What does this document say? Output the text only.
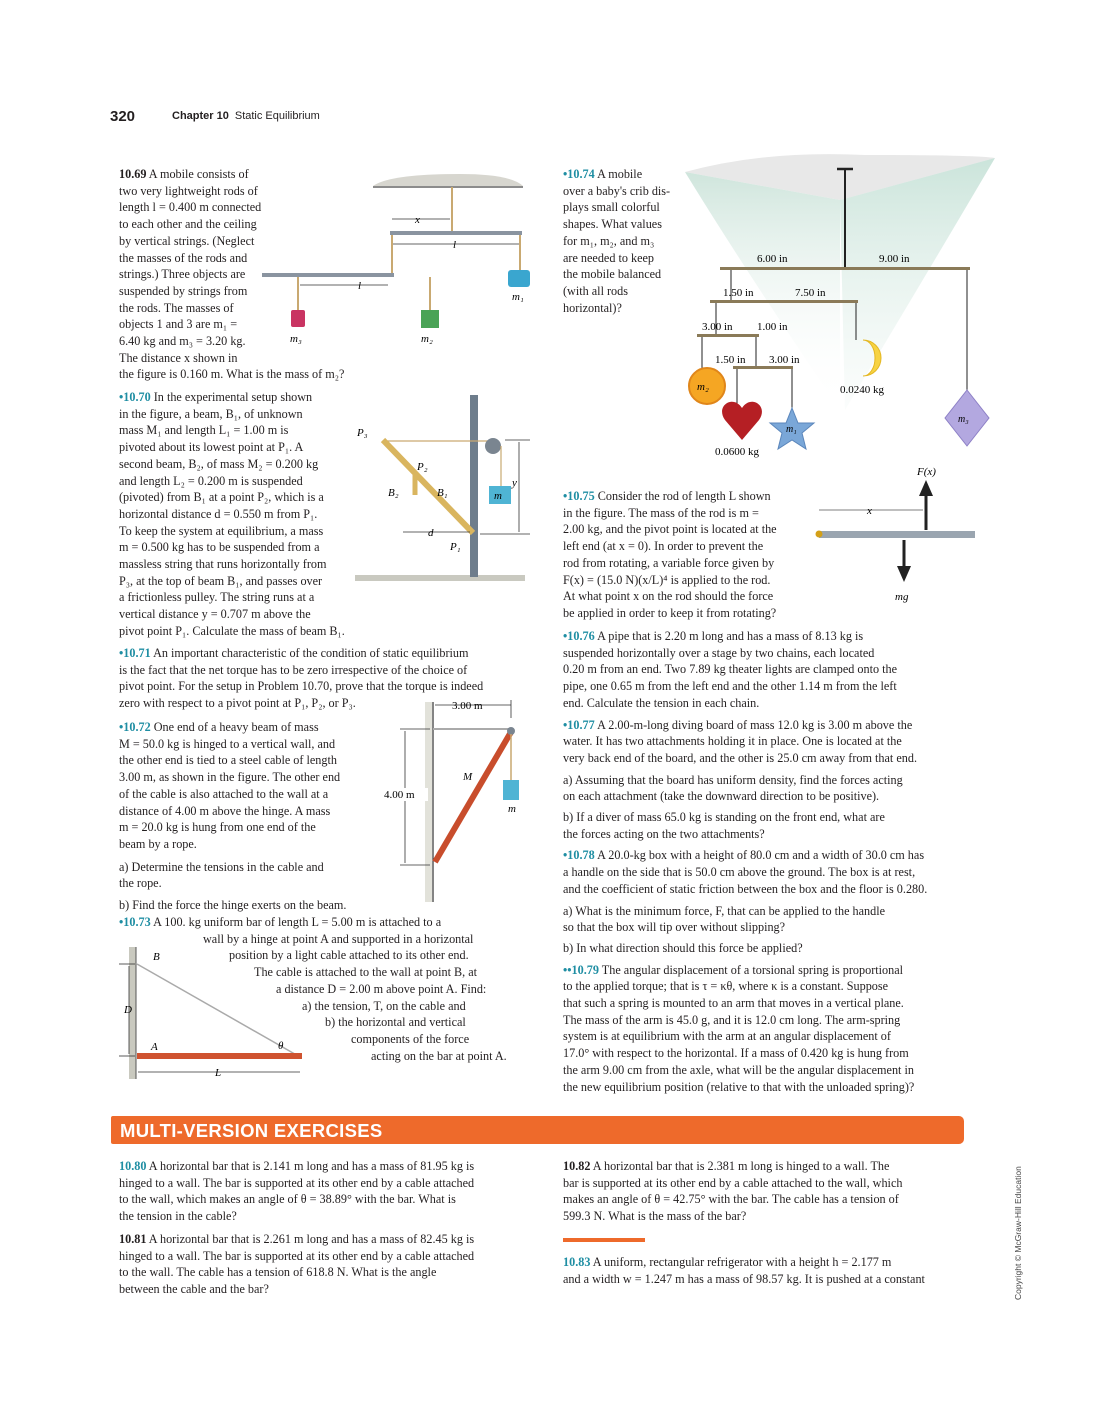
320	Chapter 10 Static Equilibrium
10.69 A mobile consists of
two very lightweight rods of
length l = 0.400 m connected
to each other and the ceiling
by vertical strings. (Neglect
the masses of the rods and
strings.) Three objects are
suspended by strings from
the rods. The masses of
objects 1 and 3 are m₁ =
6.40 kg and m₃ = 3.20 kg.
The distance x shown in
the figure is 0.160 m. What is the mass of m₂?
x
l
m₁
l
m₃	m₂
•10.70 In the experimental setup shown
in the figure, a beam, B₁, of unknown
mass M₁ and length L₁ = 1.00 m is
pivoted about its lowest point at P₁. A
second beam, B₂, of mass M₂ = 0.200 kg
and length L₂ = 0.200 m is suspended
(pivoted) from B₁ at a point P₂, which is a
horizontal distance d = 0.550 m from P₁.
To keep the system at equilibrium, a mass
m = 0.500 kg has to be suspended from a
massless string that runs horizontally from
P₃, at the top of beam B₁, and passes over
a frictionless pulley. The string runs at a
vertical distance y = 0.707 m above the
pivot point P₁. Calculate the mass of beam B₁.
m
P₃
P₂
B₂	B₁
d
P₁
y
•10.71 An important characteristic of the condition of static equilibrium
is the fact that the net torque has to be zero irrespective of the choice of
pivot point. For the setup in Problem 10.70, prove that the torque is indeed
zero with respect to a pivot point at P₁, P₂, or P₃.
•10.72 One end of a heavy beam of mass
M = 50.0 kg is hinged to a vertical wall, and
the other end is tied to a steel cable of length
3.00 m, as shown in the figure. The other end
of the cable is also attached to the wall at a
distance of 4.00 m above the hinge. A mass
m = 20.0 kg is hung from one end of the
beam by a rope.
a) Determine the tensions in the cable and
the rope.
b) Find the force the hinge exerts on the beam.
3.00 m
m
M
4.00 m
•10.73 A 100. kg uniform bar of length L = 5.00 m is attached to a
wall by a hinge at point A and supported in a horizontal
position by a light cable attached to its other end.
The cable is attached to the wall at point B, at
a distance D = 2.00 m above point A. Find:
a) the tension, T, on the cable and
b) the horizontal and vertical
components of the force
acting on the bar at point A.
B
A	θ
D
L
•10.74 A mobile
over a baby's crib dis-
plays small colorful
shapes. What values
for m₁, m₂, and m₃
are needed to keep
the mobile balanced
(with all rods
horizontal)?
6.00 in	9.00 in
1.50 in	7.50 in
3.00 in 1.00 in
1.50 in 3.00 in
m₂
0.0600 kg
m₁
0.0240 kg
m₃
•10.75 Consider the rod of length L shown
in the figure. The mass of the rod is m =
2.00 kg, and the pivot point is located at the
left end (at x = 0). In order to prevent the
rod from rotating, a variable force given by
F(x) = (15.0 N)(x/L)⁴ is applied to the rod.
At what point x on the rod should the force
be applied in order to keep it from rotating?
F(x)
x
mg
•10.76 A pipe that is 2.20 m long and has a mass of 8.13 kg is
suspended horizontally over a stage by two chains, each located
0.20 m from an end. Two 7.89 kg theater lights are clamped onto the
pipe, one 0.65 m from the left end and the other 1.14 m from the left
end. Calculate the tension in each chain.
•10.77 A 2.00-m-long diving board of mass 12.0 kg is 3.00 m above the
water. It has two attachments holding it in place. One is located at the
very back end of the board, and the other is 25.0 cm away from that end.
a) Assuming that the board has uniform density, find the forces acting
on each attachment (take the downward direction to be positive).
b) If a diver of mass 65.0 kg is standing on the front end, what are
the forces acting on the two attachments?
•10.78 A 20.0-kg box with a height of 80.0 cm and a width of 30.0 cm has
a handle on the side that is 50.0 cm above the ground. The box is at rest,
and the coefficient of static friction between the box and the floor is 0.280.
a) What is the minimum force, F, that can be applied to the handle
so that the box will tip over without slipping?
b) In what direction should this force be applied?
••10.79 The angular displacement of a torsional spring is proportional
to the applied torque; that is τ = κθ, where κ is a constant. Suppose
that such a spring is mounted to an arm that moves in a vertical plane.
The mass of the arm is 45.0 g, and it is 12.0 cm long. The arm-spring
system is at equilibrium with the arm at an angular displacement of
17.0° with respect to the horizontal. If a mass of 0.420 kg is hung from
the arm 9.00 cm from the axle, what will be the angular displacement in
the new equilibrium position (relative to that with the unloaded spring)?
MULTI-VERSION EXERCISES
10.80 A horizontal bar that is 2.141 m long and has a mass of 81.95 kg is
hinged to a wall. The bar is supported at its other end by a cable attached
to the wall, which makes an angle of θ = 38.89° with the bar. What is
the tension in the cable?
10.81 A horizontal bar that is 2.261 m long and has a mass of 82.45 kg is
hinged to a wall. The bar is supported at its other end by a cable attached
to the wall. The cable has a tension of 618.8 N. What is the angle
between the cable and the bar?
10.82 A horizontal bar that is 2.381 m long is hinged to a wall. The
bar is supported at its other end by a cable attached to the wall, which
makes an angle of θ = 42.75° with the bar. The cable has a tension of
599.3 N. What is the mass of the bar?
10.83 A uniform, rectangular refrigerator with a height h = 2.177 m
and a width w = 1.247 m has a mass of 98.57 kg. It is pushed at a constant	Copyright © McGraw-Hill Education
